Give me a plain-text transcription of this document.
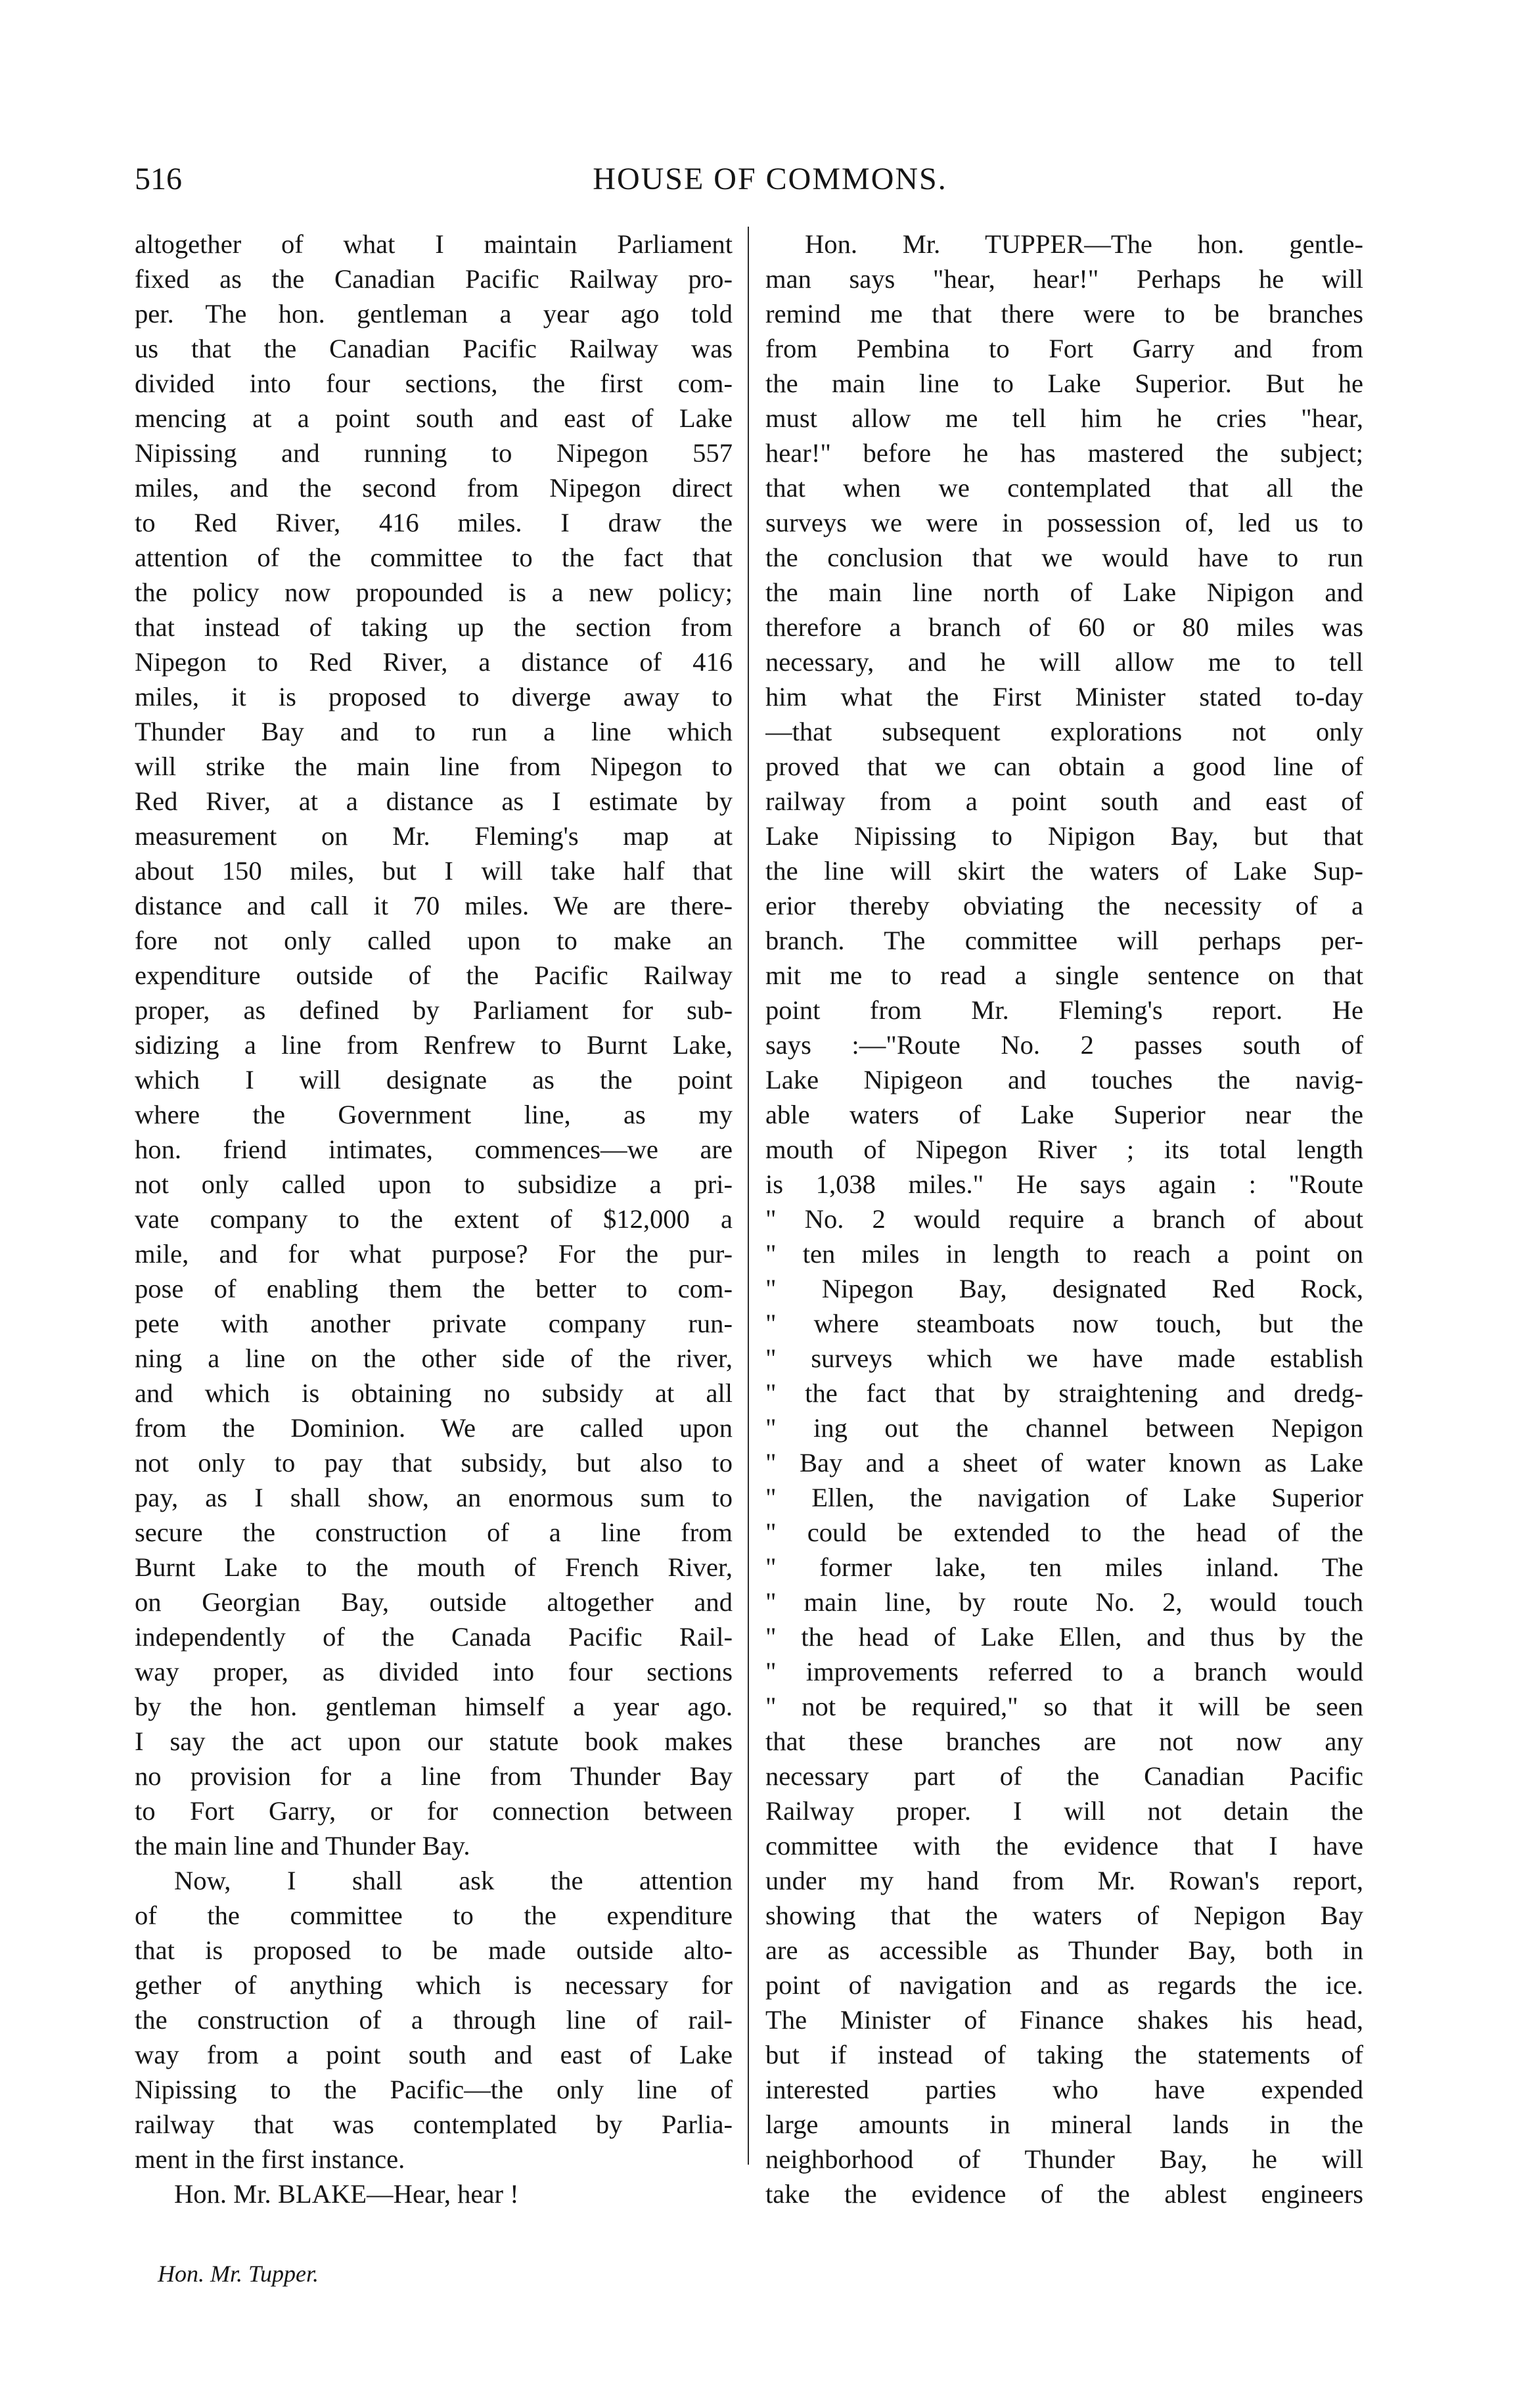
516	HOUSE OF COMMONS.
altogether of what I maintain Parliament
fixed as the Canadian Pacific Railway pro-
per. The hon. gentleman a year ago told
us that the Canadian Pacific Railway was
divided into four sections, the first com-
mencing at a point south and east of Lake
Nipissing and running to Nipegon 557
miles, and the second from Nipegon direct
to Red River, 416 miles. I draw the
attention of the committee to the fact that
the policy now propounded is a new policy;
that instead of taking up the section from
Nipegon to Red River, a distance of 416
miles, it is proposed to diverge away to
Thunder Bay and to run a line which
will strike the main line from Nipegon to
Red River, at a distance as I estimate by
measurement on Mr. Fleming's map at
about 150 miles, but I will take half that
distance and call it 70 miles. We are there-
fore not only called upon to make an
expenditure outside of the Pacific Railway
proper, as defined by Parliament for sub-
sidizing a line from Renfrew to Burnt Lake,
which I will designate as the point
where the Government line, as my
hon. friend intimates, commences—we are
not only called upon to subsidize a pri-
vate company to the extent of $12,000 a
mile, and for what purpose? For the pur-
pose of enabling them the better to com-
pete with another private company run-
ning a line on the other side of the river,
and which is obtaining no subsidy at all
from the Dominion. We are called upon
not only to pay that subsidy, but also to
pay, as I shall show, an enormous sum to
secure the construction of a line from
Burnt Lake to the mouth of French River,
on Georgian Bay, outside altogether and
independently of the Canada Pacific Rail-
way proper, as divided into four sections
by the hon. gentleman himself a year ago.
I say the act upon our statute book makes
no provision for a line from Thunder Bay
to Fort Garry, or for connection between
the main line and Thunder Bay.
Now, I shall ask the attention
of the committee to the expenditure
that is proposed to be made outside alto-
gether of anything which is necessary for
the construction of a through line of rail-
way from a point south and east of Lake
Nipissing to the Pacific—the only line of
railway that was contemplated by Parlia-
ment in the first instance.
Hon. Mr. BLAKE—Hear, hear !
Hon. Mr. TUPPER—The hon. gentle-
man says "hear, hear!" Perhaps he will
remind me that there were to be branches
from Pembina to Fort Garry and from
the main line to Lake Superior. But he
must allow me tell him he cries "hear,
hear!" before he has mastered the subject;
that when we contemplated that all the
surveys we were in possession of, led us to
the conclusion that we would have to run
the main line north of Lake Nipigon and
therefore a branch of 60 or 80 miles was
necessary, and he will allow me to tell
him what the First Minister stated to-day
—that subsequent explorations not only
proved that we can obtain a good line of
railway from a point south and east of
Lake Nipissing to Nipigon Bay, but that
the line will skirt the waters of Lake Sup-
erior thereby obviating the necessity of a
branch. The committee will perhaps per-
mit me to read a single sentence on that
point from Mr. Fleming's report. He
says :—"Route No. 2 passes south of
Lake Nipigeon and touches the navig-
able waters of Lake Superior near the
mouth of Nipegon River ; its total length
is 1,038 miles." He says again : "Route
" No. 2 would require a branch of about
" ten miles in length to reach a point on
" Nipegon Bay, designated Red Rock,
" where steamboats now touch, but the
" surveys which we have made establish
" the fact that by straightening and dredg-
" ing out the channel between Nepigon
" Bay and a sheet of water known as Lake
" Ellen, the navigation of Lake Superior
" could be extended to the head of the
" former lake, ten miles inland. The
" main line, by route No. 2, would touch
" the head of Lake Ellen, and thus by the
" improvements referred to a branch would
" not be required," so that it will be seen
that these branches are not now any
necessary part of the Canadian Pacific
Railway proper. I will not detain the
committee with the evidence that I have
under my hand from Mr. Rowan's report,
showing that the waters of Nepigon Bay
are as accessible as Thunder Bay, both in
point of navigation and as regards the ice.
The Minister of Finance shakes his head,
but if instead of taking the statements of
interested parties who have expended
large amounts in mineral lands in the
neighborhood of Thunder Bay, he will
take the evidence of the ablest engineers
Hon. Mr. Tupper.
